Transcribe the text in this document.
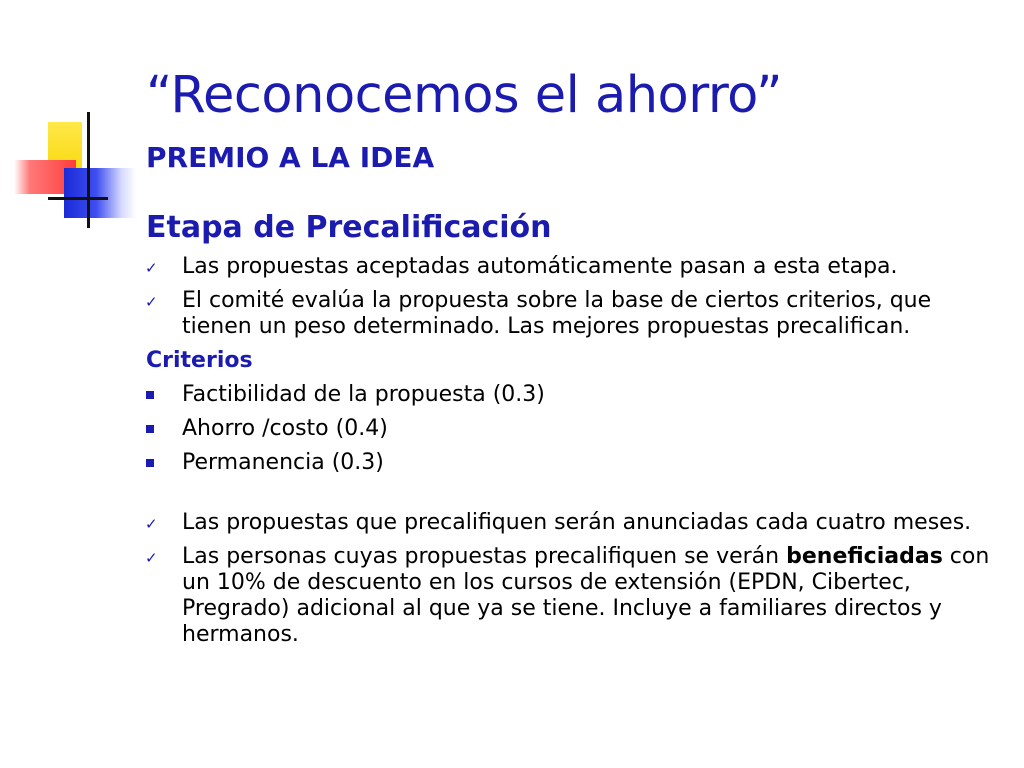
“Reconocemos el ahorro”
PREMIO A LA IDEA
Etapa de Precalificación
✓ Las propuestas aceptadas automáticamente pasan a esta etapa.
✓ El comité evalúa la propuesta sobre la base de ciertos criterios, que tienen un peso determinado. Las mejores propuestas precalifican.
Criterios
Factibilidad de la propuesta (0.3)
Ahorro /costo (0.4)
Permanencia (0.3)
✓ Las propuestas que precalifiquen serán anunciadas cada cuatro meses.
✓ Las personas cuyas propuestas precalifiquen se verán beneficiadas con un 10% de descuento en los cursos de extensión (EPDN, Cibertec, Pregrado) adicional al que ya se tiene. Incluye a familiares directos y hermanos.
